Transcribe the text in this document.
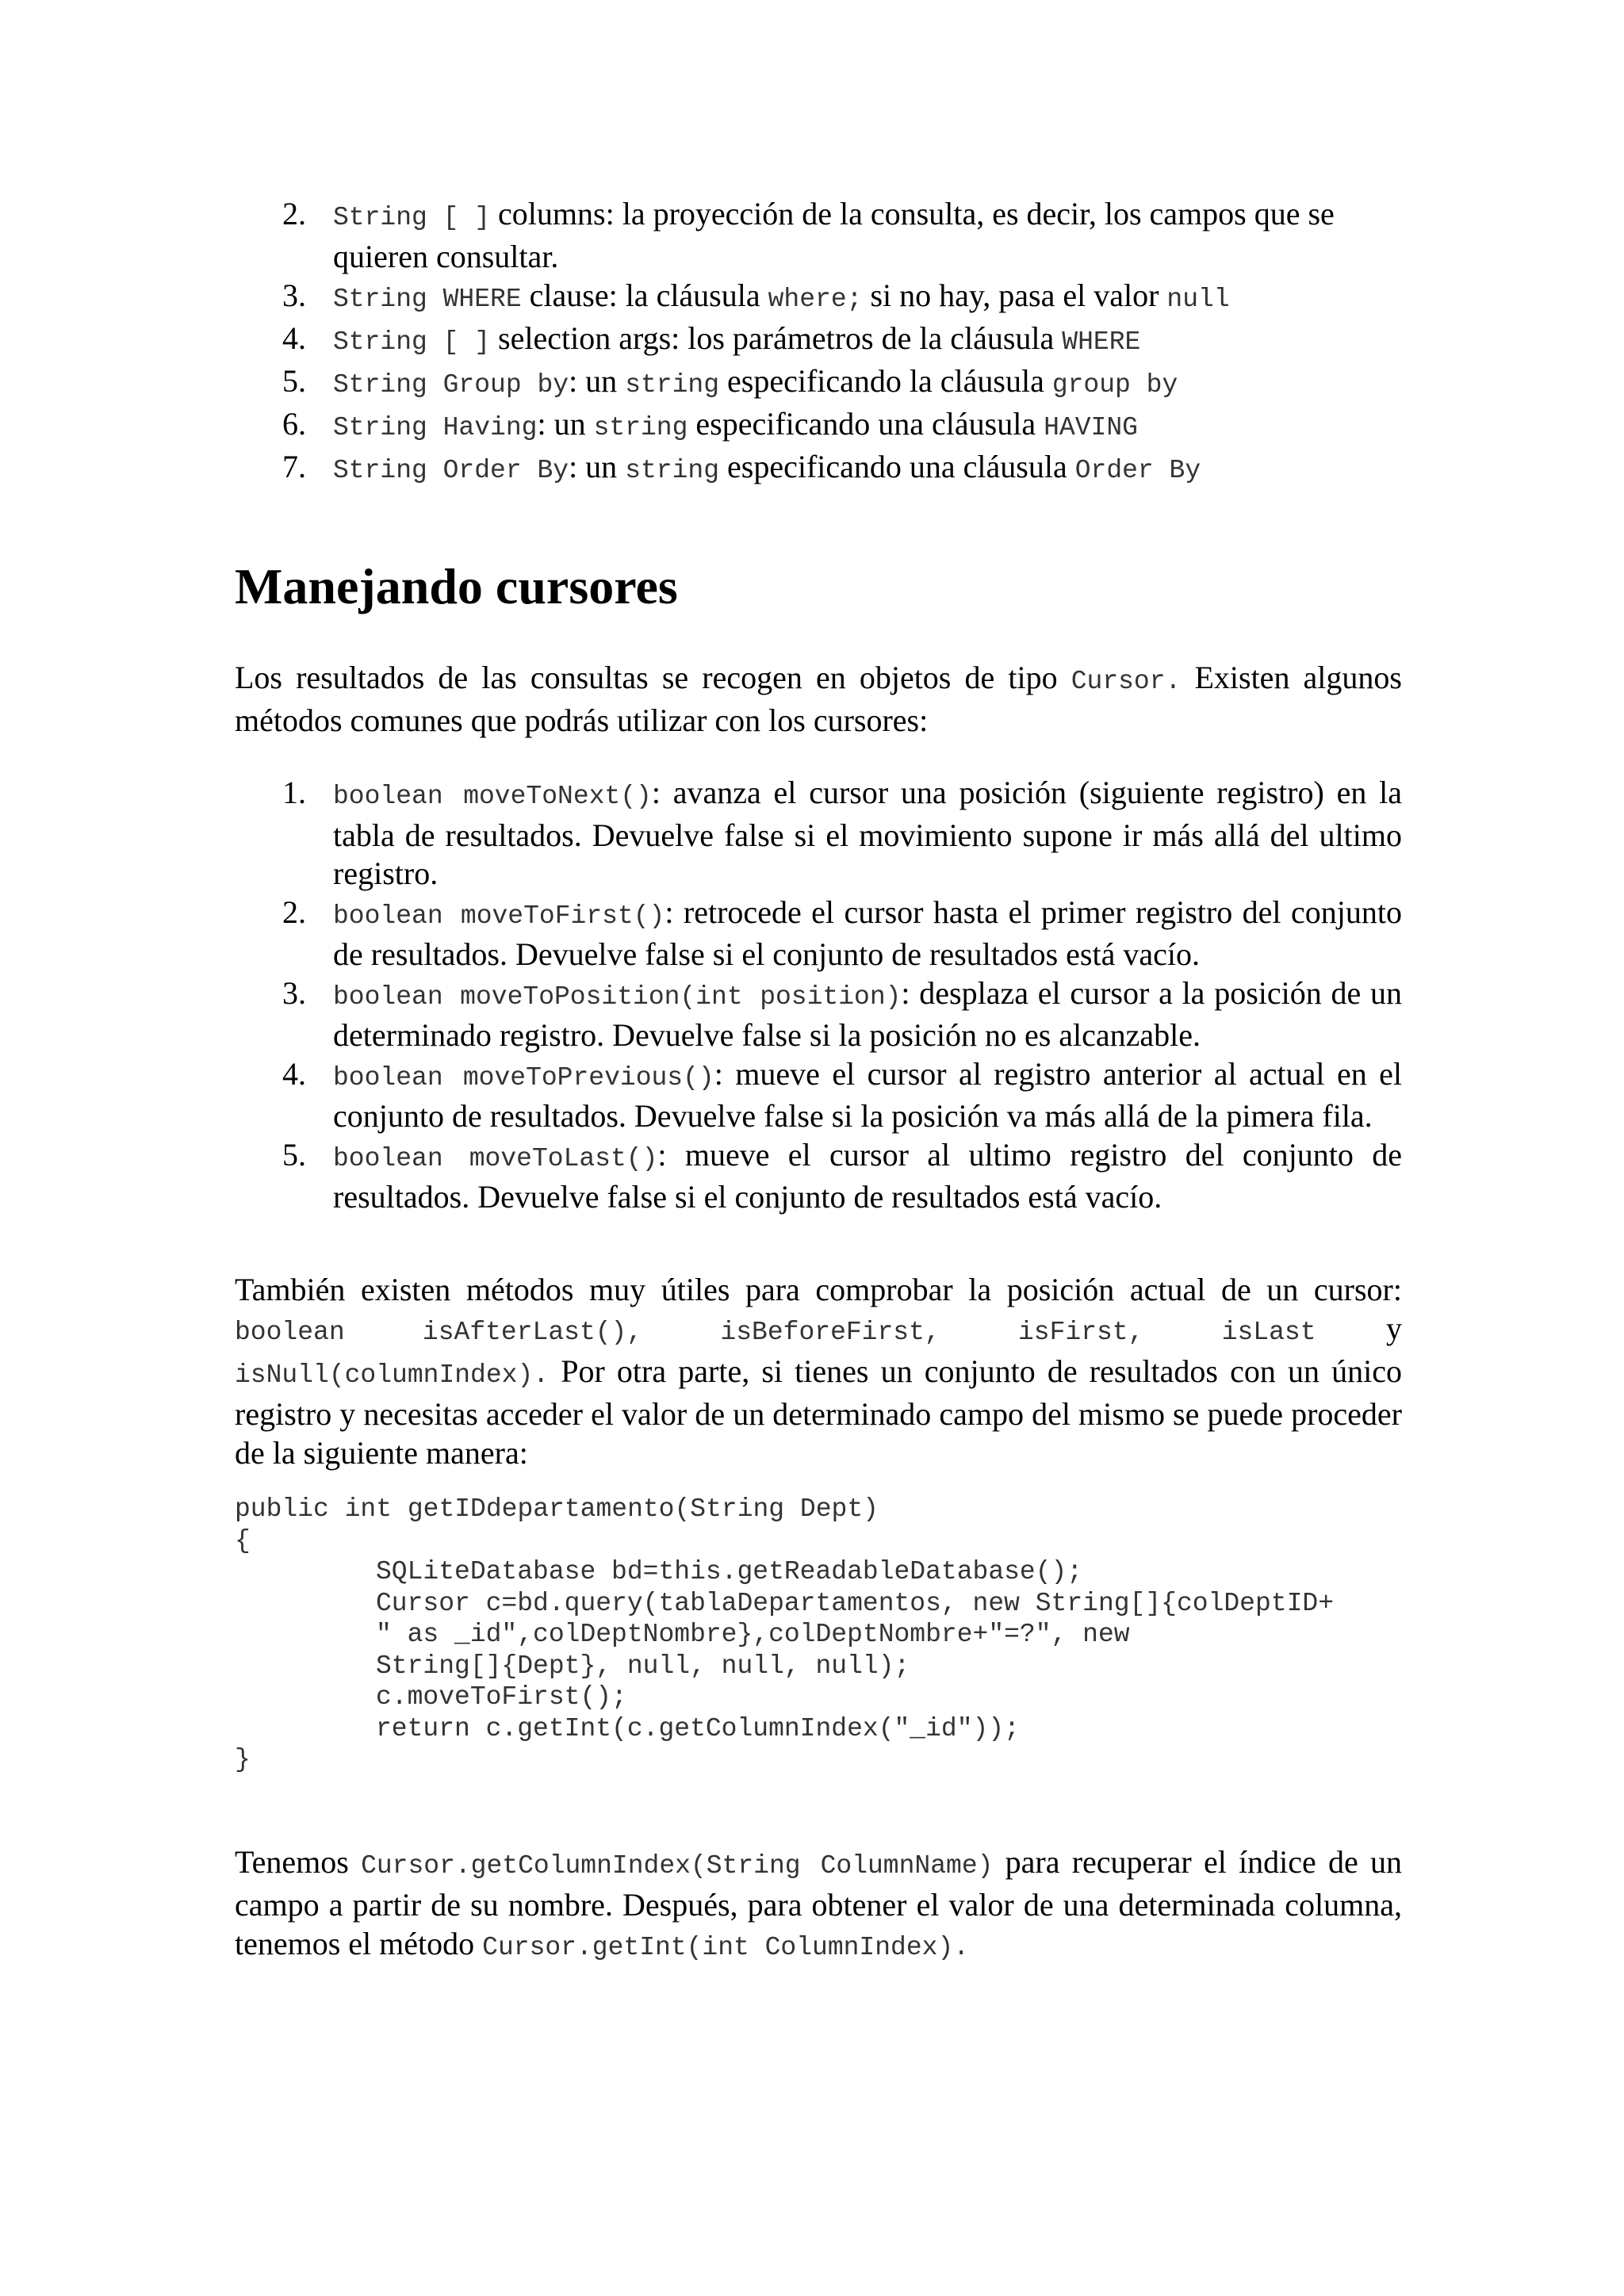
2. String [ ] columns: la proyección de la consulta, es decir, los campos que se quieren consultar.
3. String WHERE clause: la cláusula where; si no hay, pasa el valor null
4. String [ ] selection args: los parámetros de la cláusula WHERE
5. String Group by: un string especificando la cláusula group by
6. String Having: un string especificando una cláusula HAVING
7. String Order By: un string especificando una cláusula Order By
Manejando cursores

Los resultados de las consultas se recogen en objetos de tipo Cursor. Existen algunos métodos comunes que podrás utilizar con los cursores:

1. boolean moveToNext(): avanza el cursor una posición (siguiente registro) en la tabla de resultados. Devuelve false si el movimiento supone ir más allá del ultimo registro.
2. boolean moveToFirst(): retrocede el cursor hasta el primer registro del conjunto de resultados. Devuelve false si el conjunto de resultados está vacío.
3. boolean moveToPosition(int position): desplaza el cursor a la posición de un determinado registro. Devuelve false si la posición no es alcanzable.
4. boolean moveToPrevious(): mueve el cursor al registro anterior al actual en el conjunto de resultados. Devuelve false si la posición va más allá de la pimera fila.
5. boolean moveToLast(): mueve el cursor al ultimo registro del conjunto de resultados. Devuelve false si el conjunto de resultados está vacío.

También existen métodos muy útiles para comprobar la posición actual de un cursor: boolean isAfterLast(), isBeforeFirst, isFirst, isLast y isNull(columnIndex). Por otra parte, si tienes un conjunto de resultados con un único registro y necesitas acceder el valor de un determinado campo del mismo se puede proceder de la siguiente manera:

public int getIDdepartamento(String Dept)
{
SQLiteDatabase bd=this.getReadableDatabase();
Cursor c=bd.query(tablaDepartamentos, new String[]{colDeptID+
" as _id",colDeptNombre},colDeptNombre+"=?", new
String[]{Dept}, null, null, null);
c.moveToFirst();
return c.getInt(c.getColumnIndex("_id"));
}

Tenemos Cursor.getColumnIndex(String ColumnName) para recuperar el índice de un campo a partir de su nombre. Después, para obtener el valor de una determinada columna, tenemos el método Cursor.getInt(int ColumnIndex).
